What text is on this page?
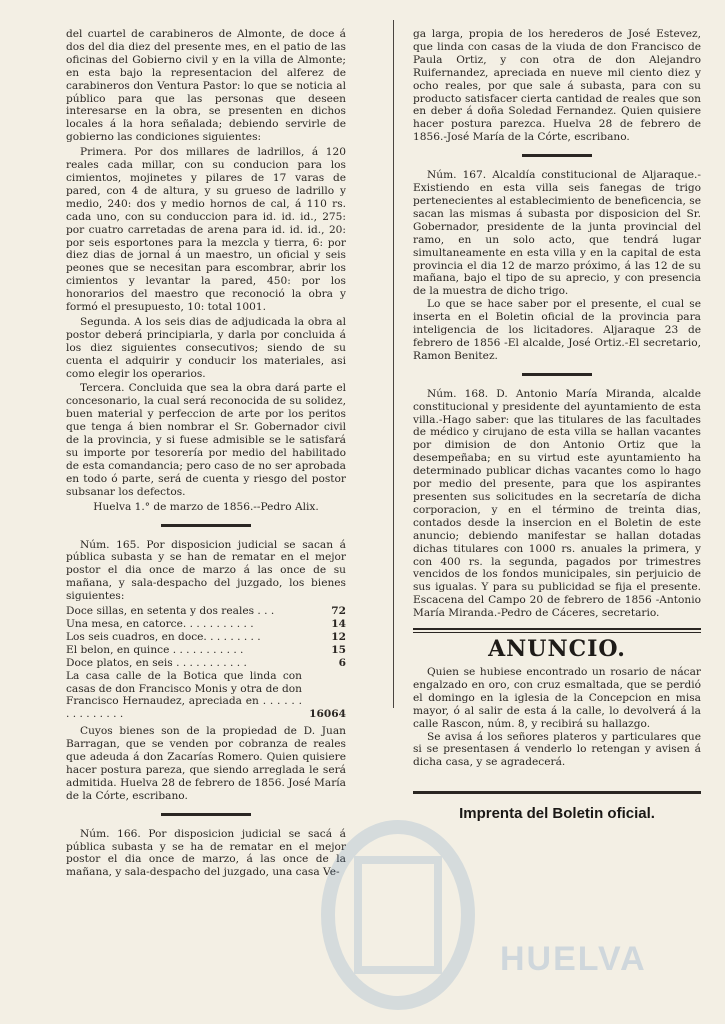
del cuartel de carabineros de Almonte, de doce á dos del dia diez del presente mes, en el patio de las oficinas del Gobierno civil y en la villa de Almonte; en esta bajo la representacion del alferez de carabineros don Ventura Pastor: lo que se noticia al público para que las personas que deseen interesarse en la obra, se presenten en dichos locales á la hora señalada; debiendo servirle de gobierno las condiciones siguientes:

Primera. Por dos millares de ladrillos, á 120 reales cada millar, con su conducion para los cimientos, mojinetes y pilares de 17 varas de pared, con 4 de altura, y su grueso de ladrillo y medio, 240: dos y medio hornos de cal, á 110 rs. cada uno, con su conduccion para id. id. id., 275: por cuatro carretadas de arena para id. id. id., 20: por seis esportones para la mezcla y tierra, 6: por diez dias de jornal á un maestro, un oficial y seis peones que se necesitan para escombrar, abrir los cimientos y levantar la pared, 450: por los honorarios del maestro que reconoció la obra y formó el presupuesto, 10: total 1001.

Segunda. A los seis dias de adjudicada la obra al postor deberá principiarla, y darla por concluida á los diez siguientes consecutivos; siendo de su cuenta el adquirir y conducir los materiales, asi como elegir los operarios.

Tercera. Concluida que sea la obra dará parte el concesonario, la cual será reconocida de su solidez, buen material y perfeccion de arte por los peritos que tenga á bien nombrar el Sr. Gobernador civil de la provincia, y si fuese admisible se le satisfará su importe por tesorería por medio del habilitado de esta comandancia; pero caso de no ser aprobada en todo ó parte, será de cuenta y riesgo del postor subsanar los defectos.

Huelva 1.° de marzo de 1856.--Pedro Alix.

Núm. 165. Por disposicion judicial se sacan á pública subasta y se han de rematar en el mejor postor el dia once de marzo á las once de su mañana, y sala-despacho del juzgado, los bienes siguientes:

Doce sillas, en setenta y dos reales . . .	72
Una mesa, en catorce. . . . . . . . . . .	14
Los seis cuadros, en doce. . . . . . . . .	12
El belon, en quince . . . . . . . . . . .	15
Doce platos, en seis . . . . . . . . . . .	6
La casa calle de la Botica que linda con casas de don Francisco Monis y otra de don Francisco Hernaudez, apreciada en . . . . . . . . . . . . . . .	16064

Cuyos bienes son de la propiedad de D. Juan Barragan, que se venden por cobranza de reales que adeuda á don Zacarías Romero. Quien quisiere hacer postura pareza, que siendo arreglada le será admitida. Huelva 28 de febrero de 1856. José María de la Córte, escribano.

Núm. 166. Por disposicion judicial se sacá á pública subasta y se ha de rematar en el mejor postor el dia once de marzo, á las once de la mañana, y sala-despacho del juzgado, una casa Ve-

ga larga, propia de los herederos de José Estevez, que linda con casas de la viuda de don Francisco de Paula Ortiz, y con otra de don Alejandro Ruifernandez, apreciada en nueve mil ciento diez y ocho reales, por que sale á subasta, para con su producto satisfacer cierta cantidad de reales que son en deber á doña Soledad Fernandez. Quien quisiere hacer postura parezca. Huelva 28 de febrero de 1856.-José María de la Córte, escribano.

Núm. 167. Alcaldía constitucional de Aljaraque.-Existiendo en esta villa seis fanegas de trigo pertenecientes al establecimiento de beneficencia, se sacan las mismas á subasta por disposicion del Sr. Gobernador, presidente de la junta provincial del ramo, en un solo acto, que tendrá lugar simultaneamente en esta villa y en la capital de esta provincia el dia 12 de marzo próximo, á las 12 de su mañana, bajo el tipo de su aprecio, y con presencia de la muestra de dicho trigo.

Lo que se hace saber por el presente, el cual se inserta en el Boletin oficial de la provincia para inteligencia de los licitadores. Aljaraque 23 de febrero de 1856 -El alcalde, José Ortiz.-El secretario, Ramon Benitez.

Núm. 168. D. Antonio María Miranda, alcalde constitucional y presidente del ayuntamiento de esta villa.-Hago saber: que las titulares de las facultades de médico y cirujano de esta villa se hallan vacantes por dimision de don Antonio Ortiz que la desempeñaba; en su virtud este ayuntamiento ha determinado publicar dichas vacantes como lo hago por medio del presente, para que los aspirantes presenten sus solicitudes en la secretaría de dicha corporacion, y en el término de treinta dias, contados desde la insercion en el Boletin de este anuncio; debiendo manifestar se hallan dotadas dichas titulares con 1000 rs. anuales la primera, y con 400 rs. la segunda, pagados por trimestres vencidos de los fondos municipales, sin perjuicio de sus igualas. Y para su publicidad se fija el presente. Escacena del Campo 20 de febrero de 1856 -Antonio María Miranda.-Pedro de Cáceres, secretario.

ANUNCIO.

Quien se hubiese encontrado un rosario de nácar engalzado en oro, con cruz esmaltada, que se perdió el domingo en la iglesia de la Concepcion en misa mayor, ó al salir de esta á la calle, lo devolverá á la calle Rascon, núm. 8, y recibirá su hallazgo.

Se avisa á los señores plateros y particulares que si se presentasen á venderlo lo retengan y avisen á dicha casa, y se agradecerá.

Imprenta del Boletin oficial.
HUELVA
